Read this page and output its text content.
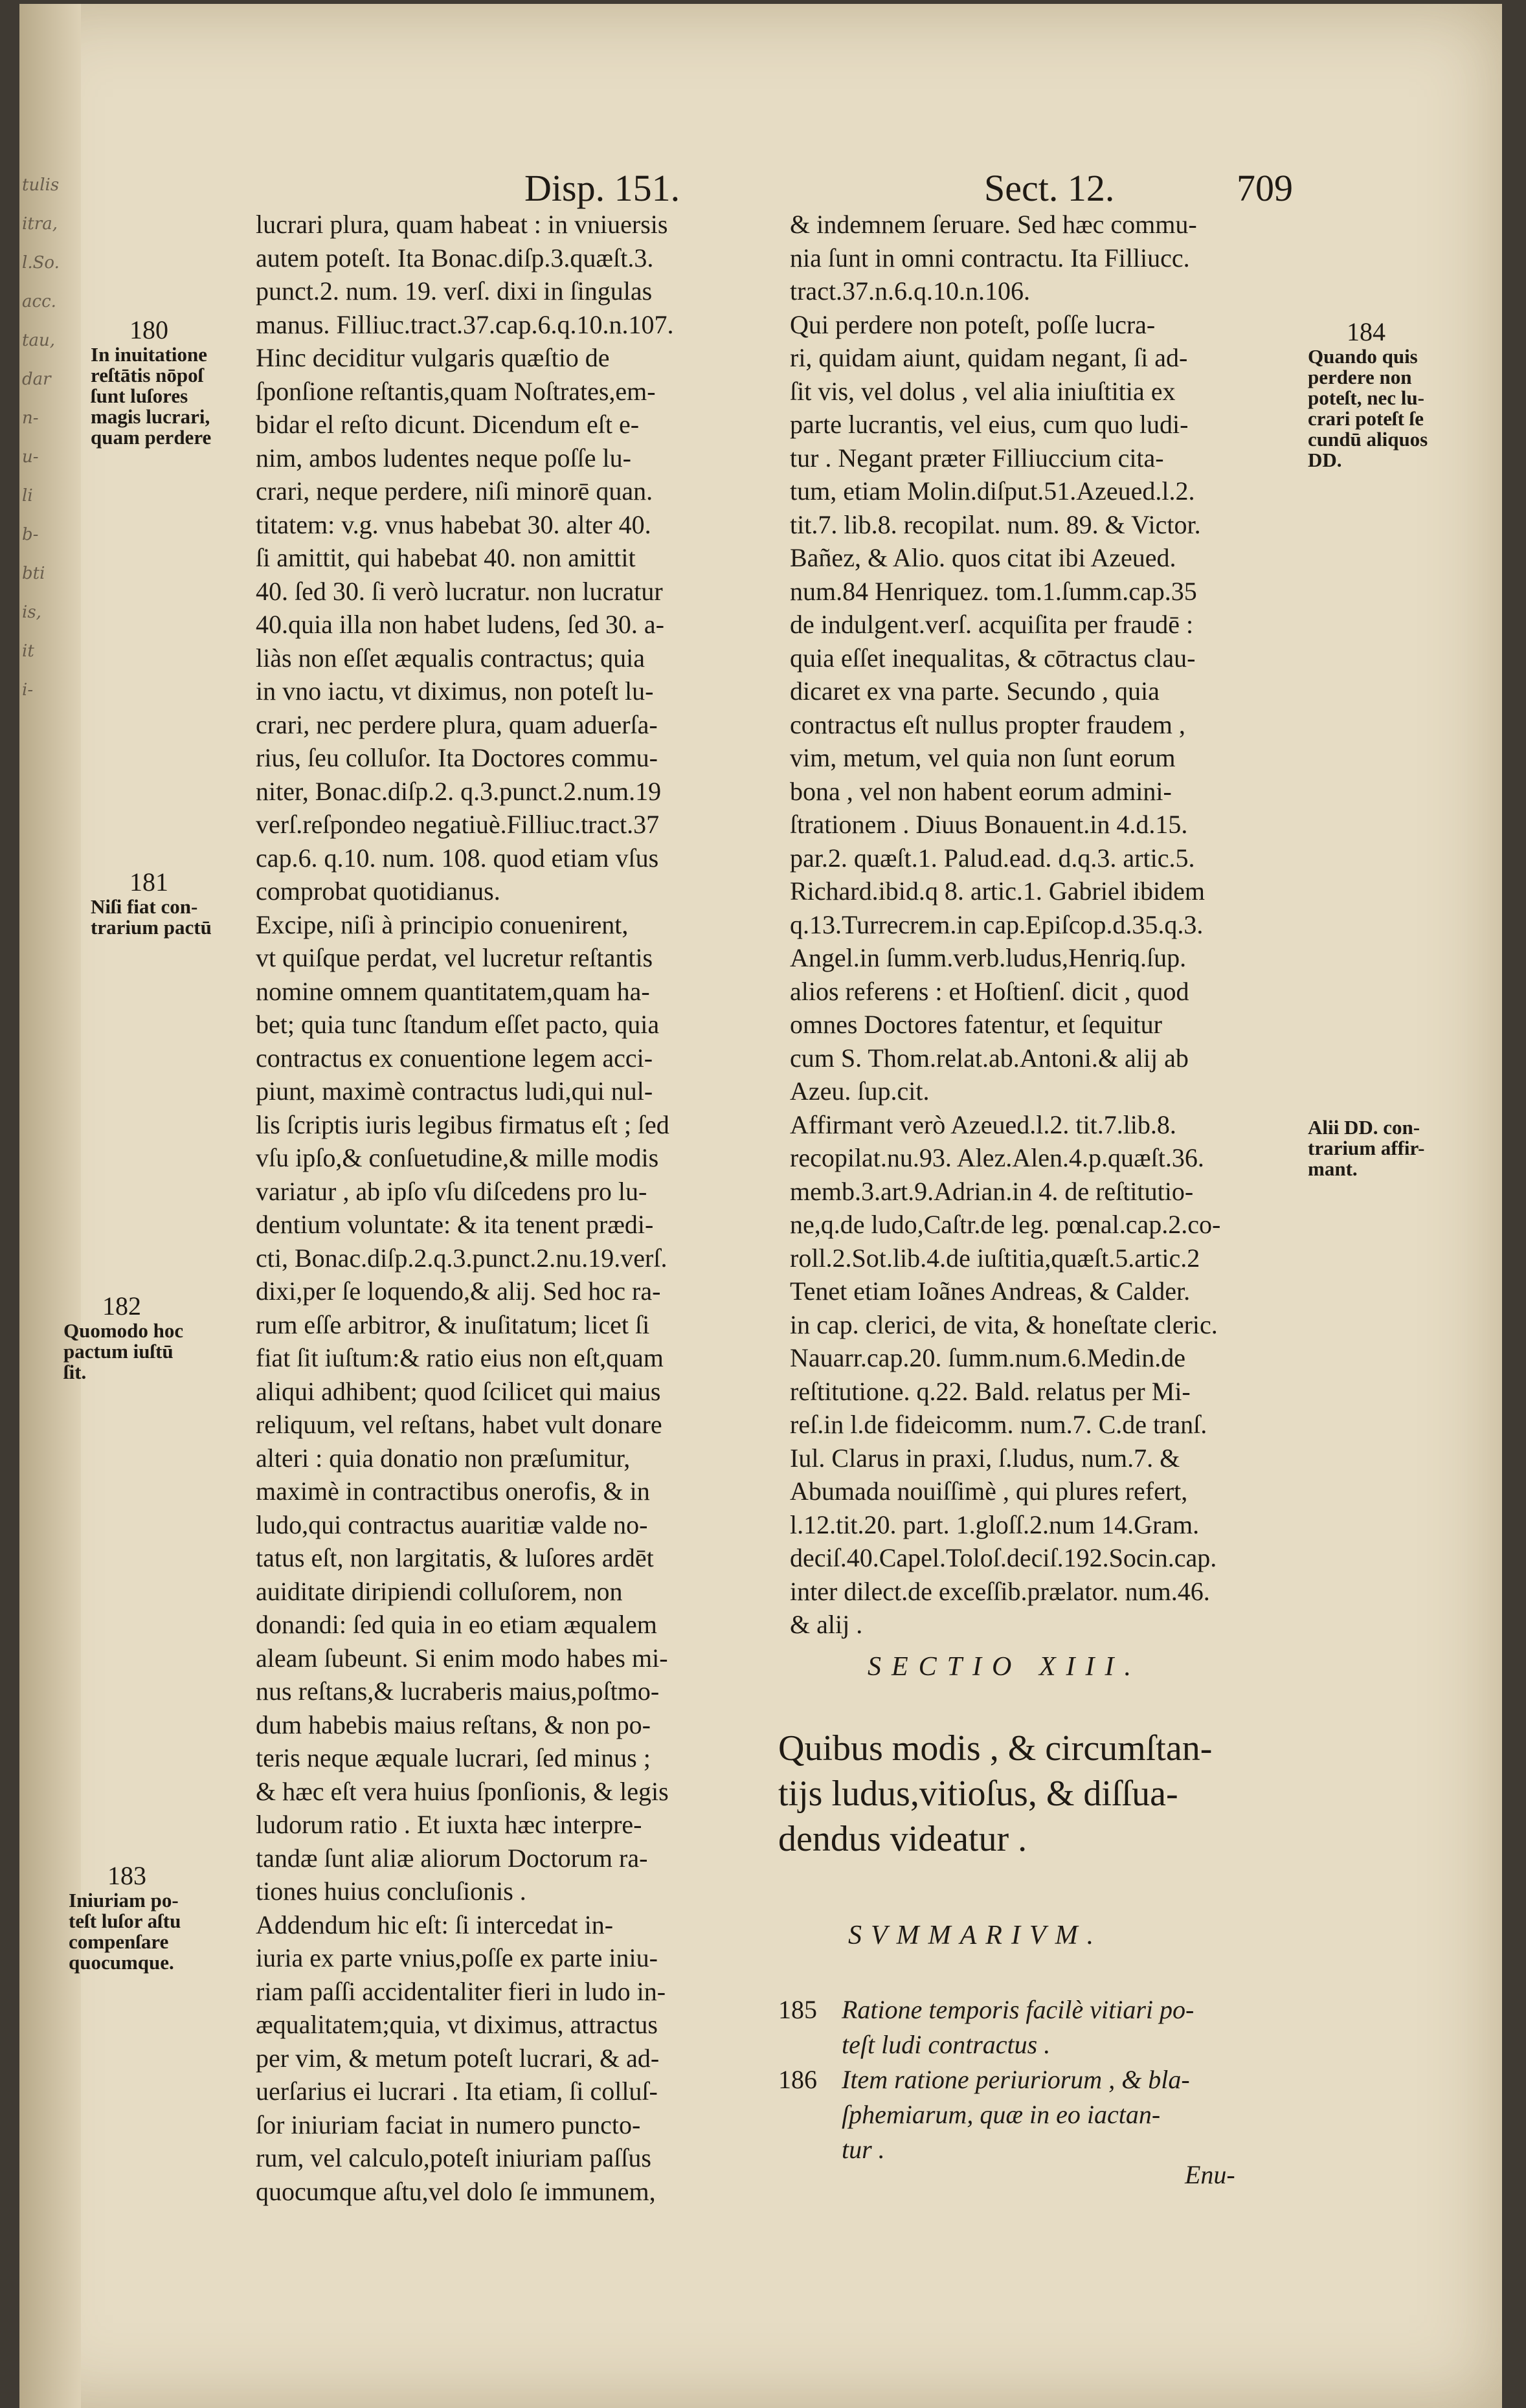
tulis
itra,
l.So.
acc.
tau,
dar
n-
u-
li
b-
bti
is,
it
i-
Disp. 151.	Sect. 12.	709
lucrari plura, quam habeat : in vniuersis
autem poteſt. Ita Bonac.diſp.3.quæſt.3.
punct.2. num. 19. verſ. dixi in ſingulas
manus. Filliuc.tract.37.cap.6.q.10.n.107.
Hinc deciditur vulgaris quæſtio de
ſponſione reſtantis,quam Noſtrates,em-
bidar el reſto dicunt. Dicendum eſt e-
nim, ambos ludentes neque poſſe lu-
crari, neque perdere, niſi minorē quan.
titatem: v.g. vnus habebat 30. alter 40.
ſi amittit, qui habebat 40. non amittit
40. ſed 30. ſi verò lucratur. non lucratur
40.quia illa non habet ludens, ſed 30. a-
liàs non eſſet æqualis contractus; quia
in vno iactu, vt diximus, non poteſt lu-
crari, nec perdere plura, quam aduerſa-
rius, ſeu colluſor. Ita Doctores commu-
niter, Bonac.diſp.2. q.3.punct.2.num.19
verſ.reſpondeo negatiuè.Filliuc.tract.37
cap.6. q.10. num. 108. quod etiam vſus
comprobat quotidianus.
Excipe, niſi à principio conuenirent,
vt quiſque perdat, vel lucretur reſtantis
nomine omnem quantitatem,quam ha-
bet; quia tunc ſtandum eſſet pacto, quia
contractus ex conuentione legem acci-
piunt, maximè contractus ludi,qui nul-
lis ſcriptis iuris legibus firmatus eſt ; ſed
vſu ipſo,& conſuetudine,& mille modis
variatur , ab ipſo vſu diſcedens pro lu-
dentium voluntate: & ita tenent prædi-
cti, Bonac.diſp.2.q.3.punct.2.nu.19.verſ.
dixi,per ſe loquendo,& alij. Sed hoc ra-
rum eſſe arbitror, & inuſitatum; licet ſi
fiat ſit iuſtum:& ratio eius non eſt,quam
aliqui adhibent; quod ſcilicet qui maius
reliquum, vel reſtans, habet vult donare
alteri : quia donatio non præſumitur,
maximè in contractibus onerofis, & in
ludo,qui contractus auaritiæ valde no-
tatus eſt, non largitatis, & luſores ardēt
auiditate diripiendi colluſorem, non
donandi: ſed quia in eo etiam æqualem
aleam ſubeunt. Si enim modo habes mi-
nus reſtans,& lucraberis maius,poſtmo-
dum habebis maius reſtans, & non po-
teris neque æquale lucrari, ſed minus ;
& hæc eſt vera huius ſponſionis, & legis
ludorum ratio . Et iuxta hæc interpre-
tandæ ſunt aliæ aliorum Doctorum ra-
tiones huius concluſionis .
Addendum hic eſt: ſi intercedat in-
iuria ex parte vnius,poſſe ex parte iniu-
riam paſſi accidentaliter fieri in ludo in-
æqualitatem;quia, vt diximus, attractus
per vim, & metum poteſt lucrari, & ad-
uerſarius ei lucrari . Ita etiam, ſi colluſ-
ſor iniuriam faciat in numero puncto-
rum, vel calculo,poteſt iniuriam paſſus
quocumque aſtu,vel dolo ſe immunem,
& indemnem ſeruare. Sed hæc commu-
nia ſunt in omni contractu. Ita Filliucc.
tract.37.n.6.q.10.n.106.
Qui perdere non poteſt, poſſe lucra-
ri, quidam aiunt, quidam negant, ſi ad-
ſit vis, vel dolus , vel alia iniuſtitia ex
parte lucrantis, vel eius, cum quo ludi-
tur . Negant præter Filliuccium cita-
tum, etiam Molin.diſput.51.Azeued.l.2.
tit.7. lib.8. recopilat. num. 89. & Victor.
Bañez, & Alio. quos citat ibi Azeued.
num.84 Henriquez. tom.1.ſumm.cap.35
de indulgent.verſ. acquiſita per fraudē :
quia eſſet inequalitas, & cōtractus clau-
dicaret ex vna parte. Secundo , quia
contractus eſt nullus propter fraudem ,
vim, metum, vel quia non ſunt eorum
bona , vel non habent eorum admini-
ſtrationem . Diuus Bonauent.in 4.d.15.
par.2. quæſt.1. Palud.ead. d.q.3. artic.5.
Richard.ibid.q 8. artic.1. Gabriel ibidem
q.13.Turrecrem.in cap.Epiſcop.d.35.q.3.
Angel.in ſumm.verb.ludus,Henriq.ſup.
alios referens : et Hoſtienſ. dicit , quod
omnes Doctores fatentur, et ſequitur
cum S. Thom.relat.ab.Antoni.& alij ab
Azeu. ſup.cit.
Affirmant verò Azeued.l.2. tit.7.lib.8.
recopilat.nu.93. Alez.Alen.4.p.quæſt.36.
memb.3.art.9.Adrian.in 4. de reſtitutio-
ne,q.de ludo,Caſtr.de leg. pœnal.cap.2.co-
roll.2.Sot.lib.4.de iuſtitia,quæſt.5.artic.2
Tenet etiam Ioãnes Andreas, & Calder.
in cap. clerici, de vita, & honeſtate cleric.
Nauarr.cap.20. ſumm.num.6.Medin.de
reſtitutione. q.22. Bald. relatus per Mi-
reſ.in l.de fideicomm. num.7. C.de tranſ.
Iul. Clarus in praxi, ſ.ludus, num.7. &
Abumada nouiſſimè , qui plures refert,
l.12.tit.20. part. 1.gloſſ.2.num 14.Gram.
deciſ.40.Capel.Toloſ.deciſ.192.Socin.cap.
inter dilect.de exceſſib.prælator. num.46.
& alij .
180
In inuitatione
reſtātis nōpoſ
ſunt luſores
magis lucrari,
quam perdere
181
Niſi fiat con-
trarium pactū
182
Quomodo hoc
pactum iuſtū
ſit.
183
Iniuriam po-
teſt luſor aſtu
compenſare
quocumque.
184
Quando quis
perdere non
poteſt, nec lu-
crari poteſt ſe
cundū aliquos
DD.
Alii DD. con-
trarium affir-
mant.
SECTIO XIII.
Quibus modis , & circumſtan-
tijs ludus,vitioſus, & diſſua-
dendus videatur .
SVMMARIVM.
185 Ratione temporis facilè vitiari po-
teſt ludi contractus .
186 Item ratione periuriorum , & bla-
ſphemiarum, quæ in eo iactan-
tur .
Enu-
